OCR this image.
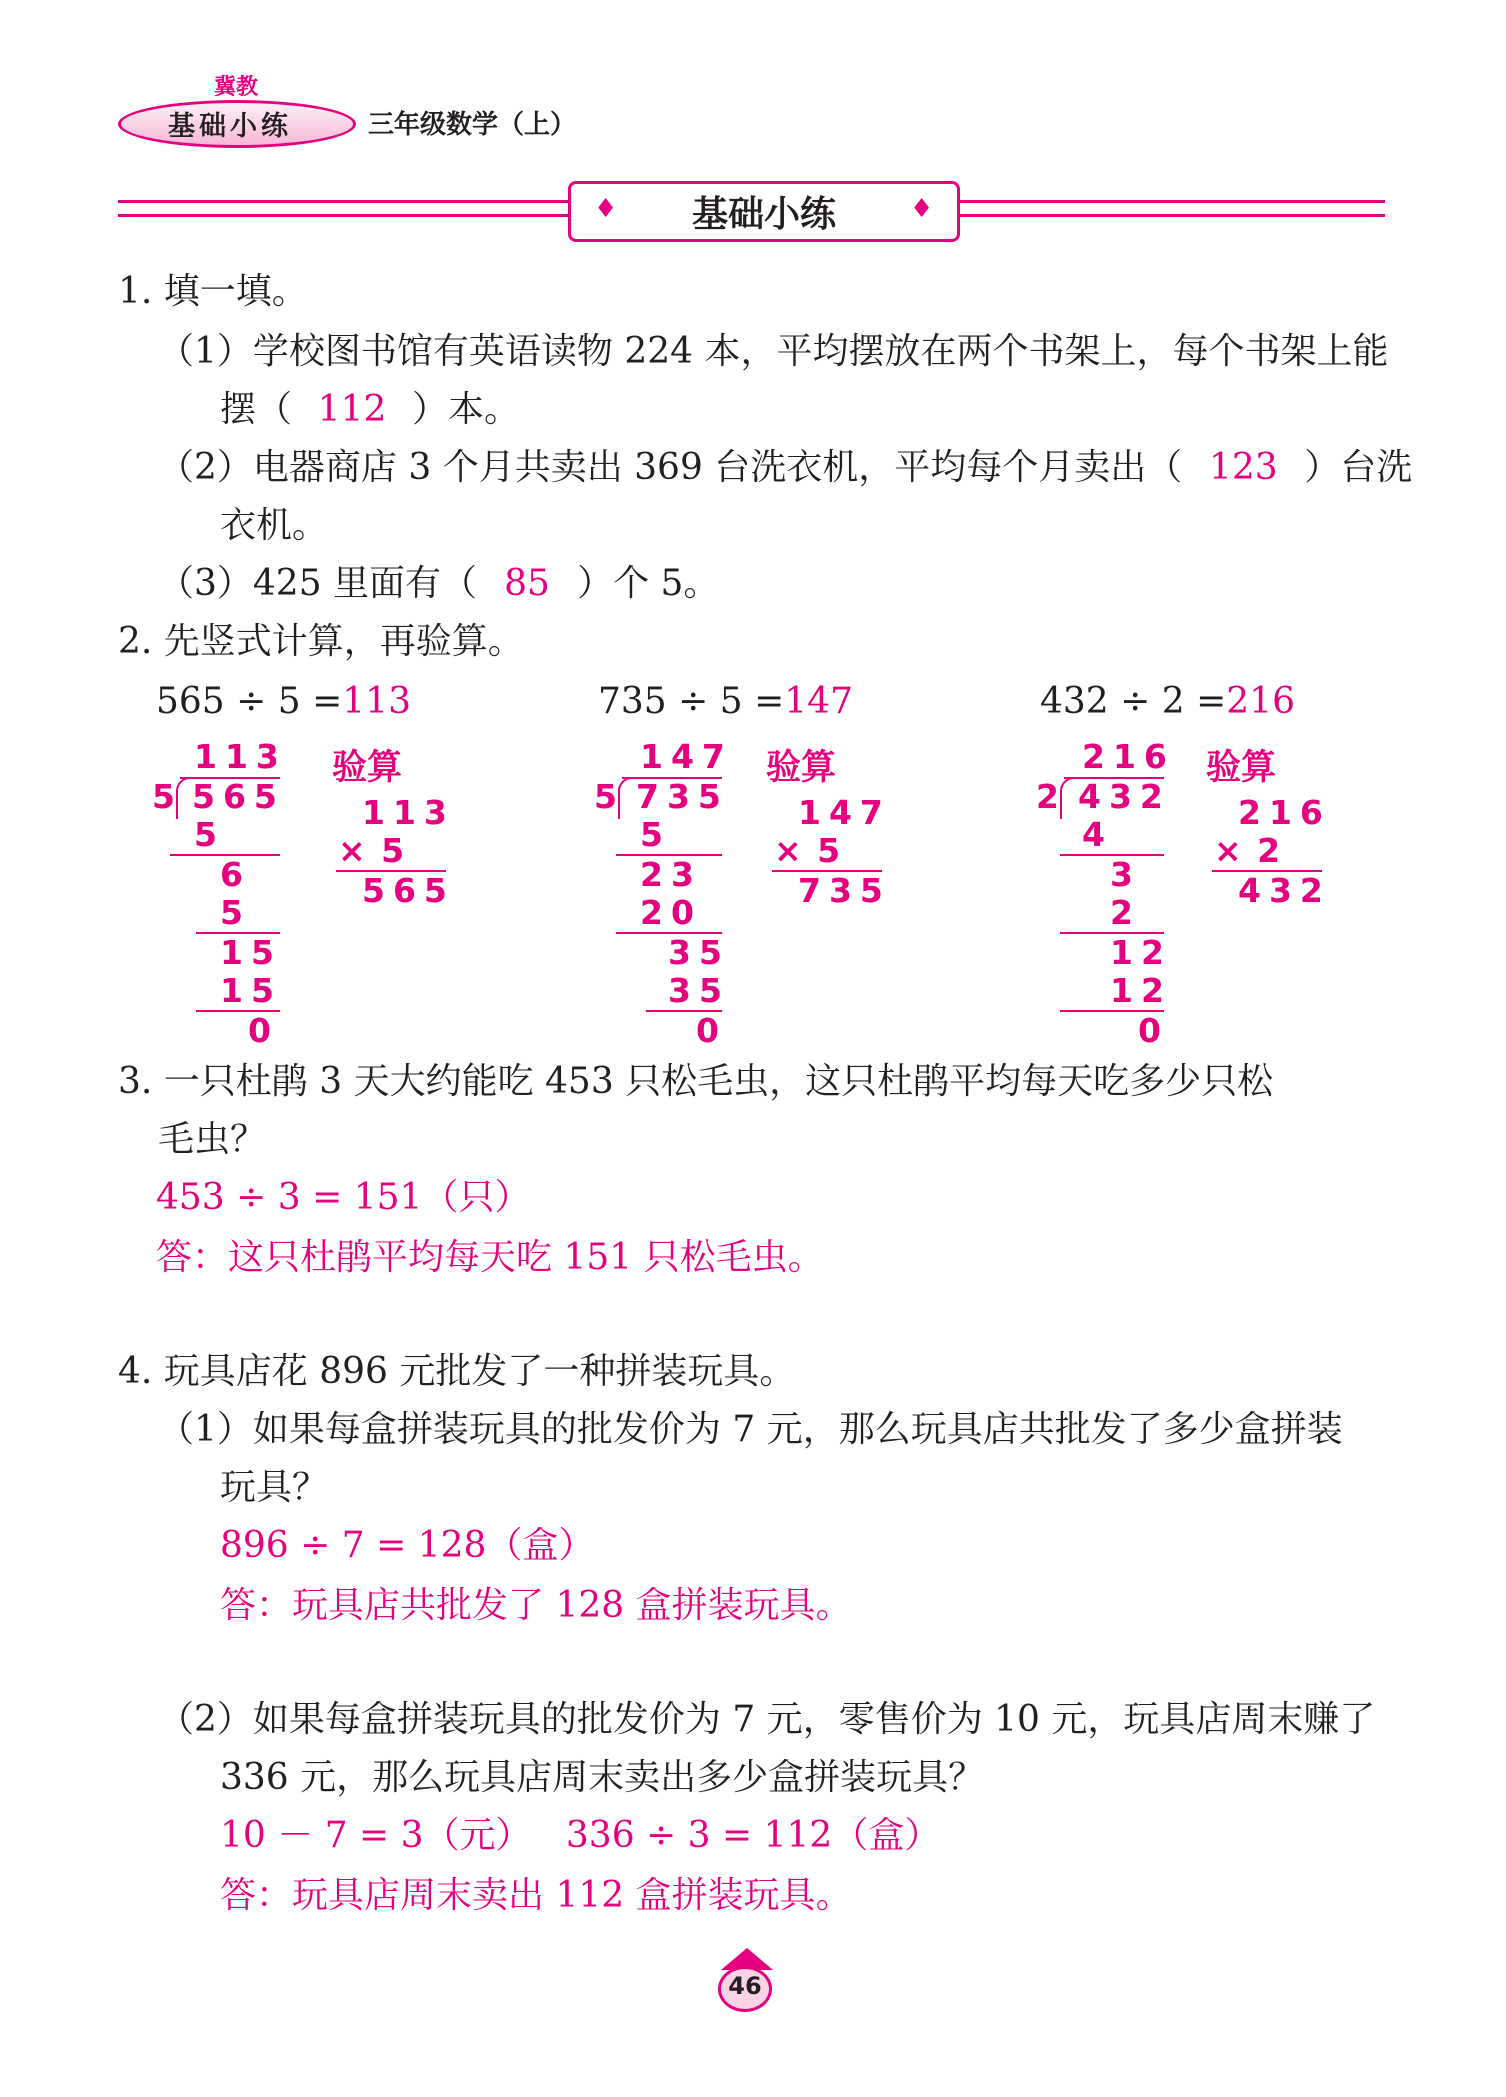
冀教
基础小练	三年级数学（上）
♦	♦
基础小练
1. 填一填。
（1）学校图书馆有英语读物 224 本，平均摆放在两个书架上，每个书架上能
摆（ 112 ）本。
（2）电器商店 3 个月共卖出 369 台洗衣机，平均每个月卖出（ 123 ）台洗
衣机。
（3）425 里面有（ 85 ）个 5。
2. 先竖式计算，再验算。
565 ÷ 5 =113
113
5 565
5
6
5
15
15
0
验算
113
× 5
565
735 ÷ 5 =147
147
5 735
5
23
20
35
35
0
验算
147
× 5
735
432 ÷ 2 =216
216
2 432
4
3
2
12
12
0
验算
216
× 2
432
3. 一只杜鹃 3 天大约能吃 453 只松毛虫，这只杜鹃平均每天吃多少只松
毛虫？
453 ÷ 3 = 151（只）
答：这只杜鹃平均每天吃 151 只松毛虫。
4. 玩具店花 896 元批发了一种拼装玩具。
（1）如果每盒拼装玩具的批发价为 7 元，那么玩具店共批发了多少盒拼装
玩具？
896 ÷ 7 = 128（盒）
答：玩具店共批发了 128 盒拼装玩具。
（2）如果每盒拼装玩具的批发价为 7 元，零售价为 10 元，玩具店周末赚了
336 元，那么玩具店周末卖出多少盒拼装玩具？
10 － 7 = 3（元）   336 ÷ 3 = 112（盒）
答：玩具店周末卖出 112 盒拼装玩具。
46
